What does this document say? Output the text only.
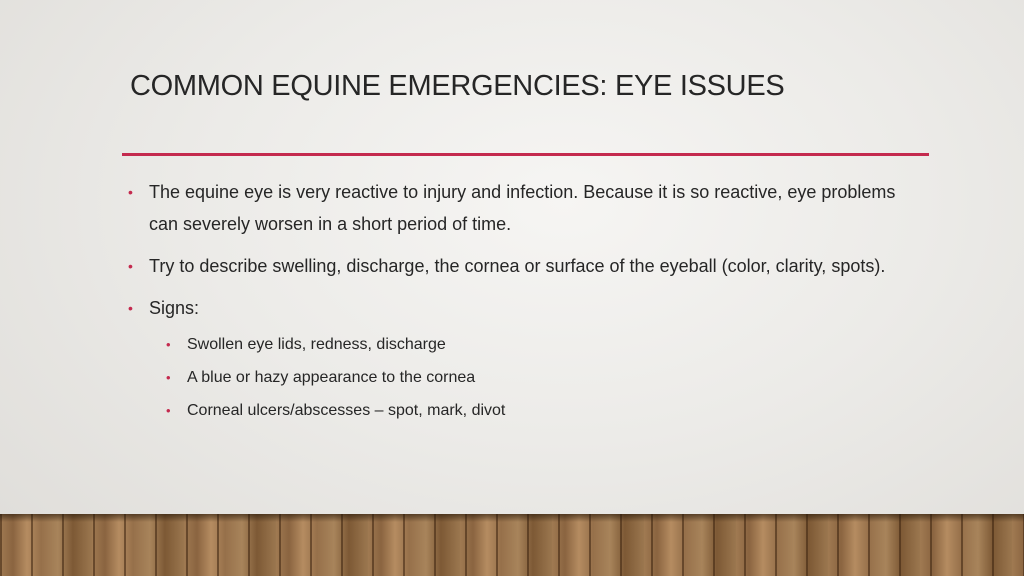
COMMON EQUINE EMERGENCIES: EYE ISSUES
• The equine eye is very reactive to injury and infection. Because it is so reactive, eye problems can severely worsen in a short period of time.
• Try to describe swelling, discharge, the cornea or surface of the eyeball (color, clarity, spots).
• Signs:
• Swollen eye lids, redness, discharge
• A blue or hazy appearance to the cornea
• Corneal ulcers/abscesses – spot, mark, divot
